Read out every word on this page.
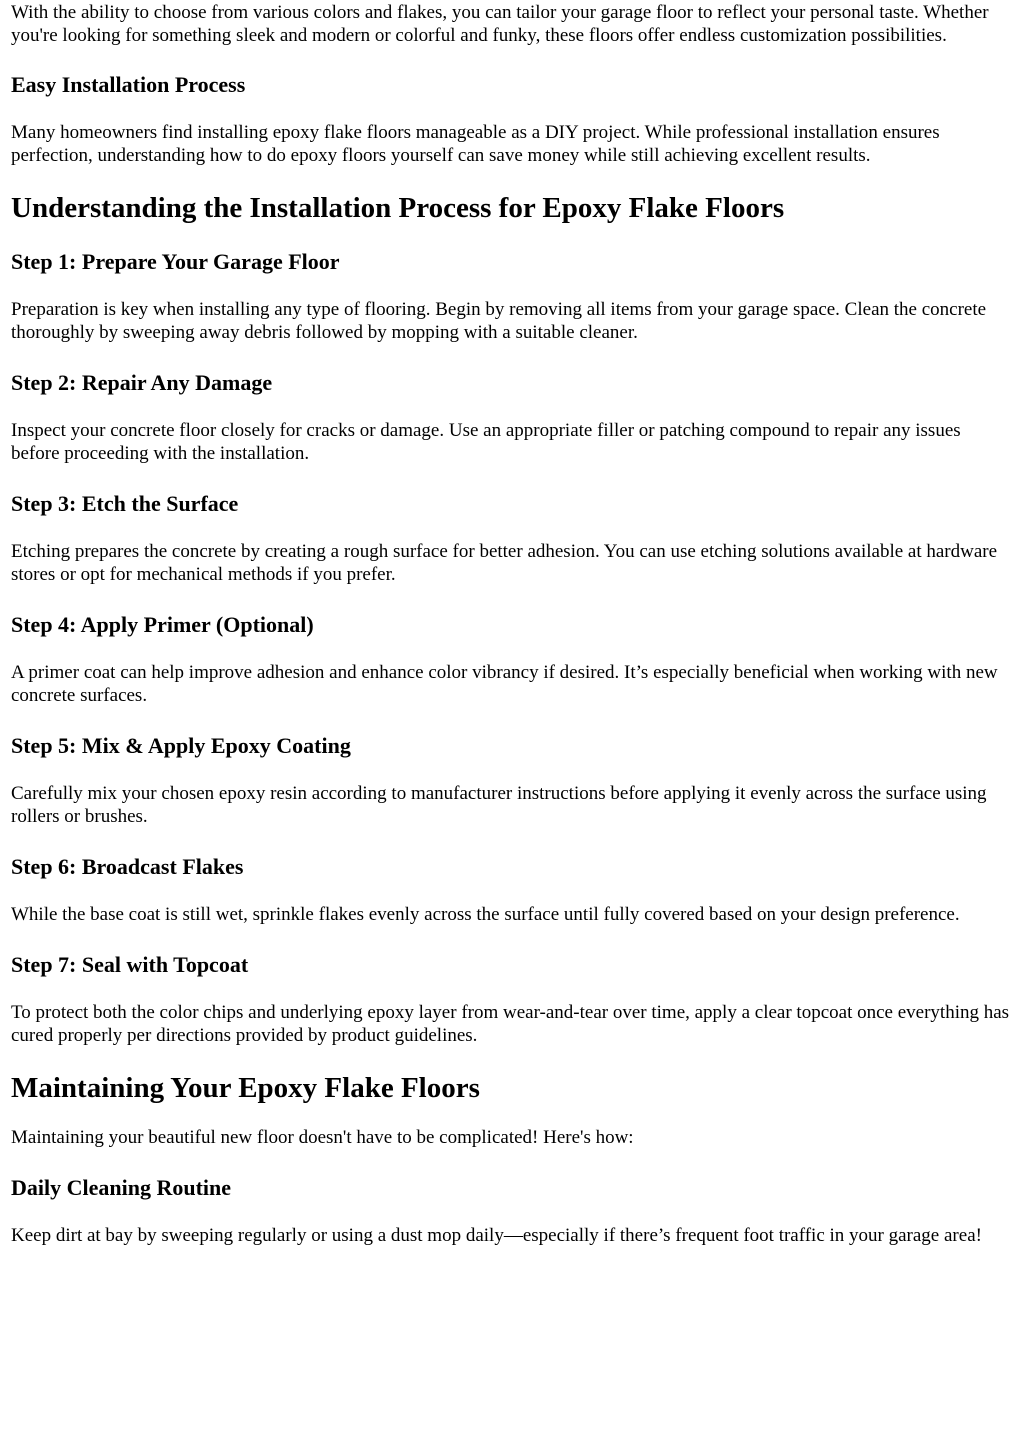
With the ability to choose from various colors and flakes, you can tailor your garage floor to reflect your personal taste. Whether you're looking for something sleek and modern or colorful and funky, these floors offer endless customization possibilities.

Easy Installation Process

Many homeowners find installing epoxy flake floors manageable as a DIY project. While professional installation ensures perfection, understanding how to do epoxy floors yourself can save money while still achieving excellent results.

Understanding the Installation Process for Epoxy Flake Floors
Step 1: Prepare Your Garage Floor

Preparation is key when installing any type of flooring. Begin by removing all items from your garage space. Clean the concrete thoroughly by sweeping away debris followed by mopping with a suitable cleaner.

Step 2: Repair Any Damage

Inspect your concrete floor closely for cracks or damage. Use an appropriate filler or patching compound to repair any issues before proceeding with the installation.

Step 3: Etch the Surface

Etching prepares the concrete by creating a rough surface for better adhesion. You can use etching solutions available at hardware stores or opt for mechanical methods if you prefer.

Step 4: Apply Primer (Optional)

A primer coat can help improve adhesion and enhance color vibrancy if desired. It’s especially beneficial when working with new concrete surfaces.

Step 5: Mix & Apply Epoxy Coating

Carefully mix your chosen epoxy resin according to manufacturer instructions before applying it evenly across the surface using rollers or brushes.

Step 6: Broadcast Flakes

While the base coat is still wet, sprinkle flakes evenly across the surface until fully covered based on your design preference.

Step 7: Seal with Topcoat

To protect both the color chips and underlying epoxy layer from wear-and-tear over time, apply a clear topcoat once everything has cured properly per directions provided by product guidelines.

Maintaining Your Epoxy Flake Floors

Maintaining your beautiful new floor doesn't have to be complicated! Here's how:

Daily Cleaning Routine

Keep dirt at bay by sweeping regularly or using a dust mop daily—especially if there’s frequent foot traffic in your garage area!
